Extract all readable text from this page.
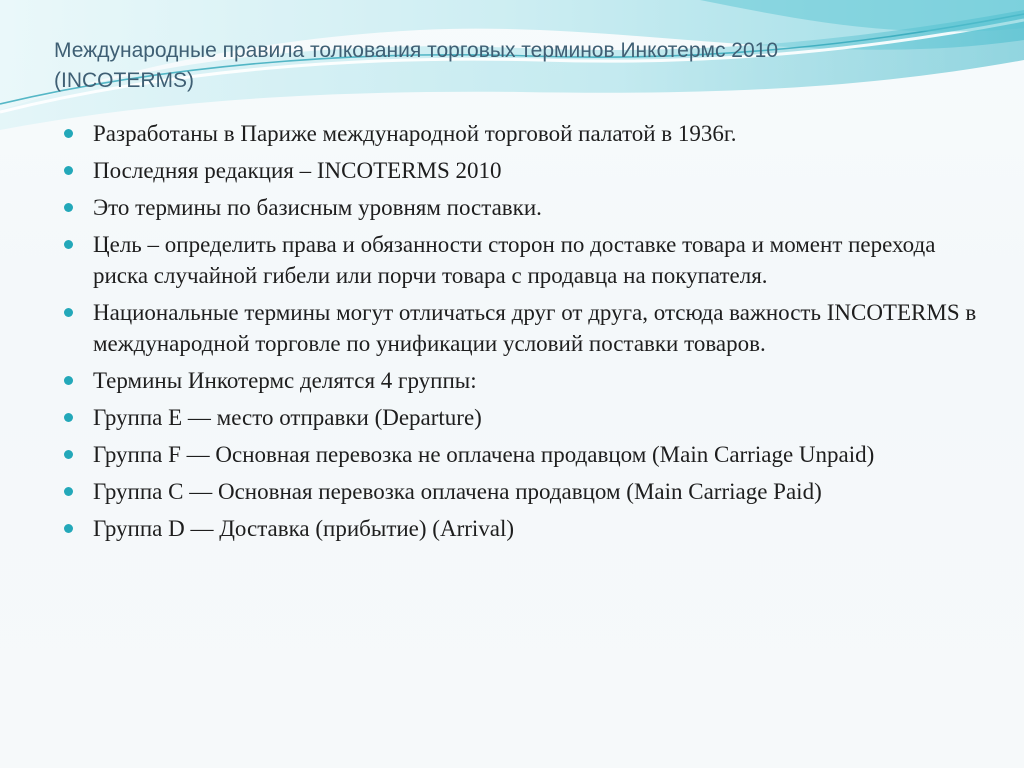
Международные правила толкования торговых терминов Инкотермс 2010
(INCOTERMS)
Разработаны в Париже международной торговой палатой в 1936г.
Последняя редакция – INCOTERMS 2010
Это термины по базисным уровням поставки.
Цель – определить права и обязанности сторон по доставке товара и момент перехода риска случайной гибели или порчи товара с продавца на покупателя.
Национальные термины могут отличаться друг от друга, отсюда важность INCOTERMS в международной торговле по унификации условий поставки товаров.
Термины Инкотермс делятся 4 группы:
Группа E — место отправки (Departure)
Группа F — Основная перевозка не оплачена продавцом (Main Carriage Unpaid)
Группа C — Основная перевозка оплачена продавцом (Main Carriage Paid)
Группа D — Доставка (прибытие) (Arrival)
